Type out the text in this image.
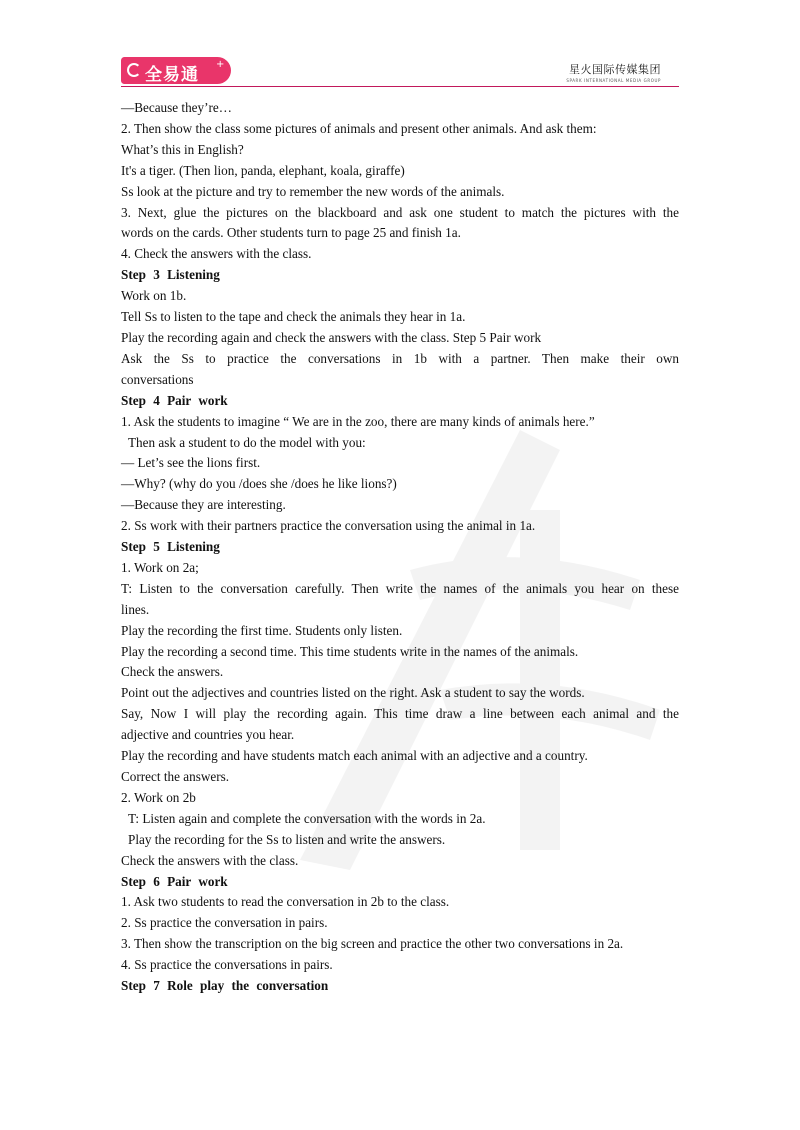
全易通
+	星火国际传媒集团
SPARK INTERNATIONAL MEDIA GROUP

—Because they’re…

2. Then show the class some pictures of animals and present other animals. And ask them:

What’s this in English?

It's a tiger. (Then lion, panda, elephant, koala, giraffe)

Ss look at the picture and try to remember the new words of the animals.

3. Next, glue the pictures on the blackboard and ask one student to match the pictures with the

words on the cards. Other students turn to page 25 and finish 1a.

4. Check the answers with the class.

Step 3 Listening

Work on 1b.

Tell Ss to listen to the tape and check the animals they hear in 1a.

Play the recording again and check the answers with the class. Step 5 Pair work

Ask the Ss to practice the conversations in 1b with a partner. Then make their own

conversations

Step 4 Pair work

1. Ask the students to imagine “ We are in the zoo, there are many kinds of animals here.”

Then ask a student to do the model with you:

— Let’s see the lions first.

—Why? (why do you /does she /does he like lions?)

—Because they are interesting.

2. Ss work with their partners practice the conversation using the animal in 1a.

Step 5 Listening

1. Work on 2a;

T: Listen to the conversation carefully. Then write the names of the animals you hear on these

lines.

Play the recording the first time. Students only listen.

Play the recording a second time. This time students write in the names of the animals.

Check the answers.

Point out the adjectives and countries listed on the right. Ask a student to say the words.

Say, Now I will play the recording again. This time draw a line between each animal and the

adjective and countries you hear.

Play the recording and have students match each animal with an adjective and a country.

Correct the answers.

2. Work on 2b

T: Listen again and complete the conversation with the words in 2a.

Play the recording for the Ss to listen and write the answers.

Check the answers with the class.

Step 6 Pair work

1. Ask two students to read the conversation in 2b to the class.

2. Ss practice the conversation in pairs.

3. Then show the transcription on the big screen and practice the other two conversations in 2a.

4. Ss practice the conversations in pairs.

Step 7 Role play the conversation
